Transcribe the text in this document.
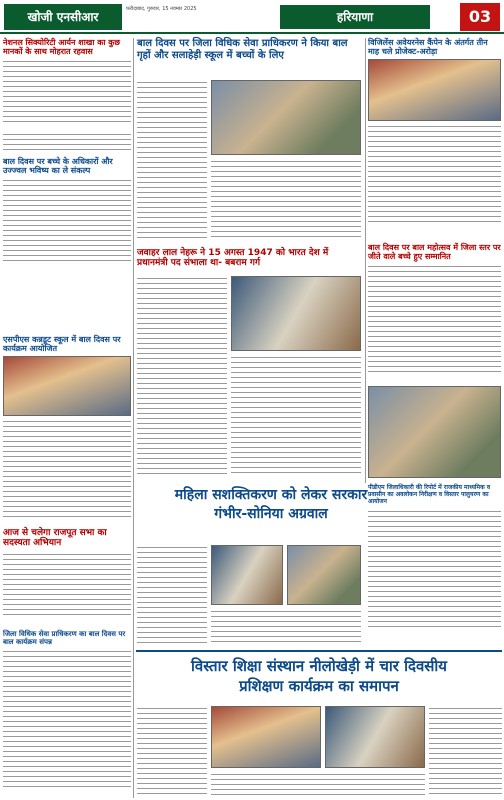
खोजी एनसीआर
फरीदाबाद, गुरुवार, 15 नवम्बर 2025
हरियाणा	03
नेशनल सिक्योरिटी आर्यन शाखा का कुछ मानकों के साथ मोहरात रहवास
बाल दिवस पर बच्चे के अधिकारों और उज्ज्वल भविष्य का ले संकल्प
एसपीएस कन्नडूट स्कूल में बाल दिवस पर कार्यक्रम आयोजित
आज से चलेगा राजपूत सभा का सदस्यता अभियान
जिला विधिक सेवा प्राधिकरण का बाल दिवस पर बाल कार्यक्रम संपन्न
बाल दिवस पर जिला विधिक सेवा प्राधिकरण ने किया बाल गृहों और सलाहेड़ी स्कूल में बच्चों के लिए
जवाहर लाल नेहरू ने 15 अगस्त 1947 को भारत देश में प्रधानमंत्री पद संभाला था- बबराम गर्ग
विजिलेंस अवेयरनेस कैंपेन के अंतर्गत तीन माह चले प्रोजेक्ट-अरोड़ा
बाल दिवस पर बाल महोत्सव में जिला स्तर पर जीते वाले बच्चे हुए सम्मानित
महिला सशक्तिकरण को लेकर सरकार
गंभीर-सोनिया अग्रवाल
पीडीएम जिलाधिकारी की रिपोर्ट में राजकीय माध्यमिक व प्रवासीन का अवलोकन निरीक्षण व विस्तार पालुयरण का आयोजन
विस्तार शिक्षा संस्थान नीलोखेड़ी में चार दिवसीय
प्रशिक्षण कार्यक्रम का समापन
